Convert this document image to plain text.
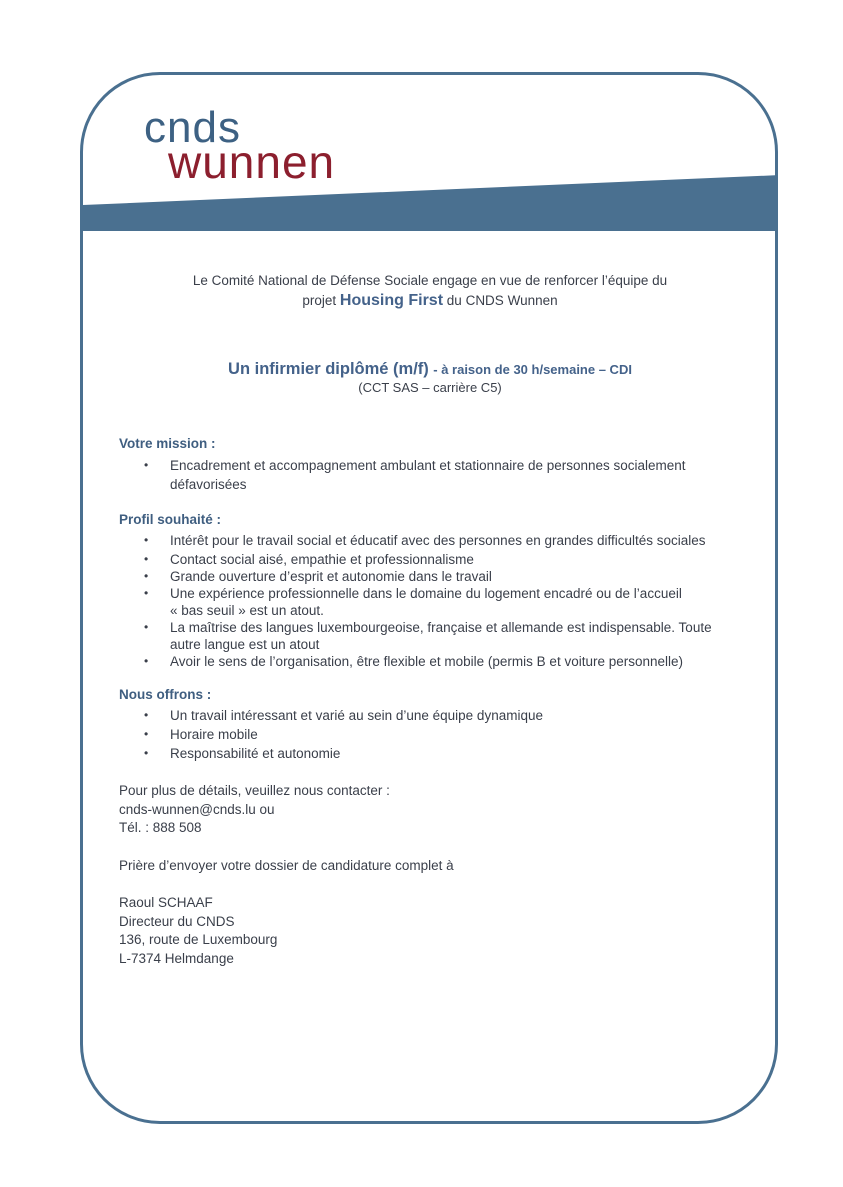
cnds
wunnen
Le Comité National de Défense Sociale engage en vue de renforcer l’équipe du
projet Housing First du CNDS Wunnen
Un infirmier diplômé (m/f) - à raison de 30 h/semaine – CDI
(CCT SAS – carrière C5)
Votre mission :
• Encadrement et accompagnement ambulant et stationnaire de personnes socialement
défavorisées
Profil souhaité :
• Intérêt pour le travail social et éducatif avec des personnes en grandes difficultés sociales
• Contact social aisé, empathie et professionnalisme
• Grande ouverture d’esprit et autonomie dans le travail
• Une expérience professionnelle dans le domaine du logement encadré ou de l’accueil
« bas seuil » est un atout.
• La maîtrise des langues luxembourgeoise, française et allemande est indispensable. Toute
autre langue est un atout
• Avoir le sens de l’organisation, être flexible et mobile (permis B et voiture personnelle)
Nous offrons :
• Un travail intéressant et varié au sein d’une équipe dynamique
• Horaire mobile
• Responsabilité et autonomie
Pour plus de détails, veuillez nous contacter :
cnds-wunnen@cnds.lu ou
Tél. : 888 508
Prière d’envoyer votre dossier de candidature complet à
Raoul SCHAAF
Directeur du CNDS
136, route de Luxembourg
L-7374 Helmdange
